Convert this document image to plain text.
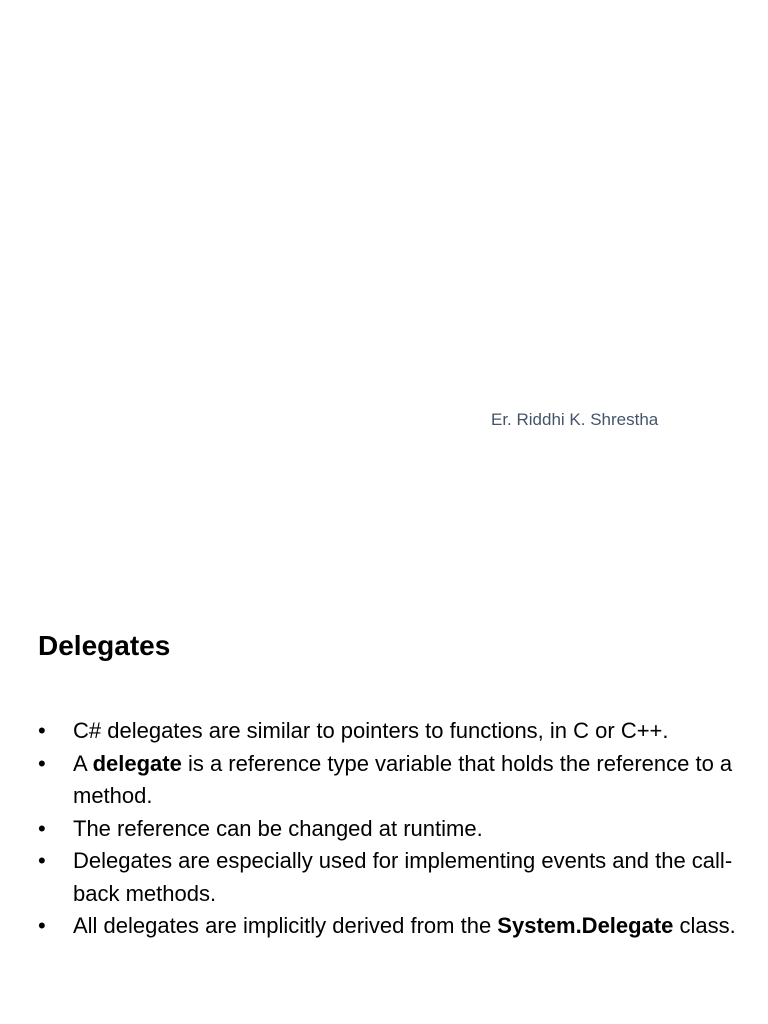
Er. Riddhi K. Shrestha
Delegates
• C# delegates are similar to pointers to functions, in C or C++.
• A delegate is a reference type variable that holds the reference to a method.
• The reference can be changed at runtime.
• Delegates are especially used for implementing events and the call-back methods.
• All delegates are implicitly derived from the System.Delegate class.
